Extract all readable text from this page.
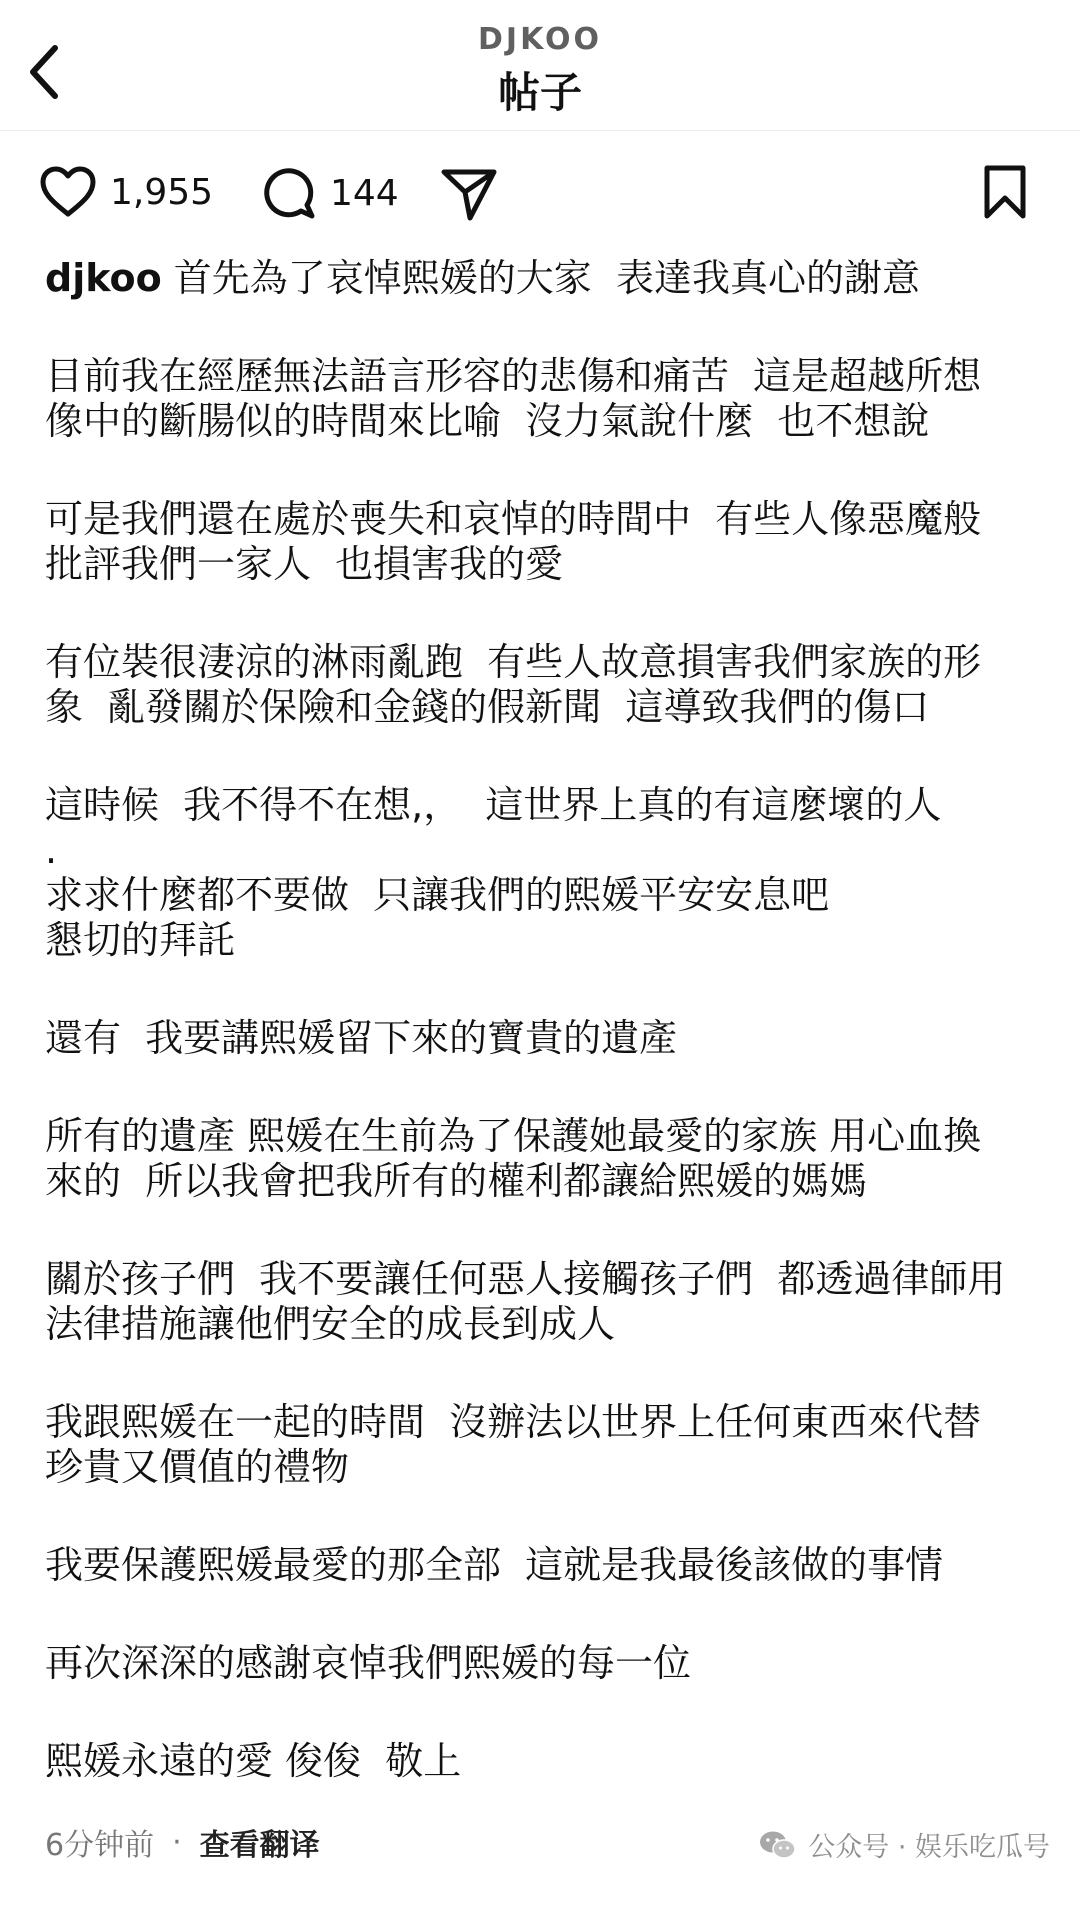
DJKOO
帖子
1,955	144

djkoo 首先為了哀悼熙媛的大家  表達我真心的謝意

目前我在經歷無法語言形容的悲傷和痛苦  這是超越所想
像中的斷腸似的時間來比喻  沒力氣說什麼  也不想說

可是我們還在處於喪失和哀悼的時間中  有些人像惡魔般
批評我們一家人  也損害我的愛

有位裝很淒涼的淋雨亂跑  有些人故意損害我們家族的形
象  亂發關於保險和金錢的假新聞  這導致我們的傷口

這時候  我不得不在想,，  這世界上真的有這麼壞的人
.

求求什麼都不要做  只讓我們的熙媛平安安息吧
懇切的拜託

還有  我要講熙媛留下來的寶貴的遺產

所有的遺產 熙媛在生前為了保護她最愛的家族 用心血換
來的  所以我會把我所有的權利都讓給熙媛的媽媽

關於孩子們  我不要讓任何惡人接觸孩子們  都透過律師用
法律措施讓他們安全的成長到成人

我跟熙媛在一起的時間  沒辦法以世界上任何東西來代替
珍貴又價值的禮物

我要保護熙媛最愛的那全部  這就是我最後該做的事情

再次深深的感謝哀悼我們熙媛的每一位

熙媛永遠的愛 俊俊  敬上

6分钟前 · 查看翻译	公众号 · 娱乐吃瓜号
